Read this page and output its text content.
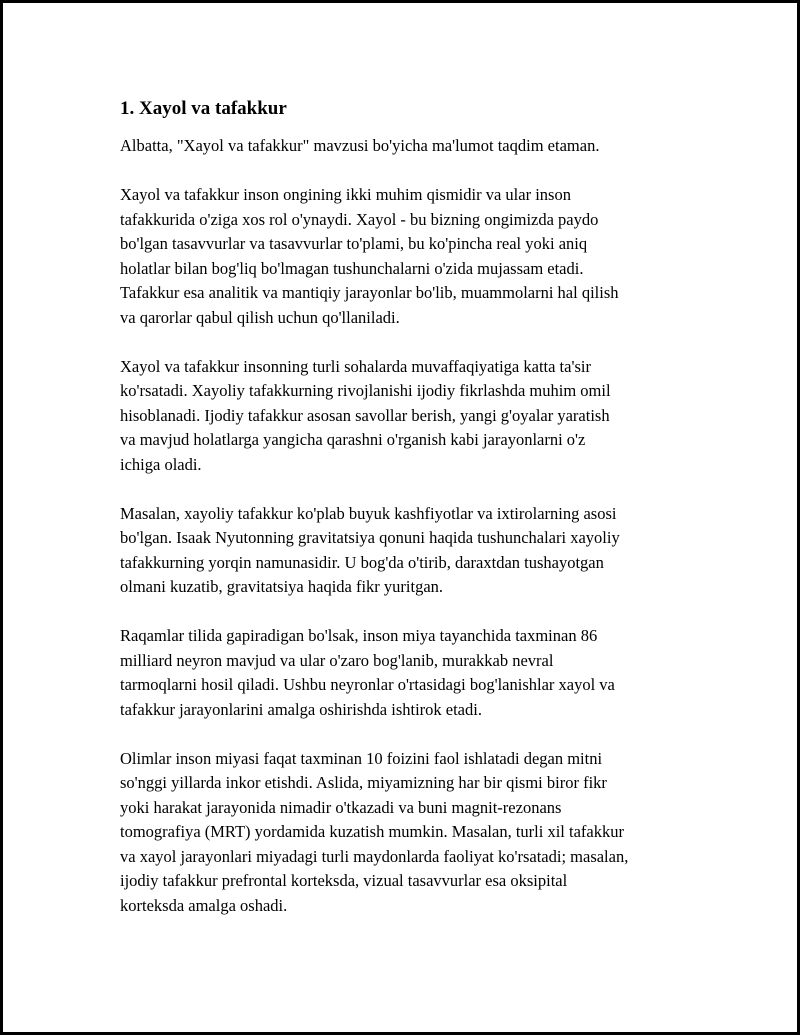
1. Xayol va tafakkur

Albatta, "Xayol va tafakkur" mavzusi bo'yicha ma'lumot taqdim etaman.

Xayol va tafakkur inson ongining ikki muhim qismidir va ular inson
tafakkurida o'ziga xos rol o'ynaydi. Xayol - bu bizning ongimizda paydo
bo'lgan tasavvurlar va tasavvurlar to'plami, bu ko'pincha real yoki aniq
holatlar bilan bog'liq bo'lmagan tushunchalarni o'zida mujassam etadi.
Tafakkur esa analitik va mantiqiy jarayonlar bo'lib, muammolarni hal qilish
va qarorlar qabul qilish uchun qo'llaniladi.

Xayol va tafakkur insonning turli sohalarda muvaffaqiyatiga katta ta'sir
ko'rsatadi. Xayoliy tafakkurning rivojlanishi ijodiy fikrlashda muhim omil
hisoblanadi. Ijodiy tafakkur asosan savollar berish, yangi g'oyalar yaratish
va mavjud holatlarga yangicha qarashni o'rganish kabi jarayonlarni o'z
ichiga oladi.

Masalan, xayoliy tafakkur ko'plab buyuk kashfiyotlar va ixtirolarning asosi
bo'lgan. Isaak Nyutonning gravitatsiya qonuni haqida tushunchalari xayoliy
tafakkurning yorqin namunasidir. U bog'da o'tirib, daraxtdan tushayotgan
olmani kuzatib, gravitatsiya haqida fikr yuritgan.

Raqamlar tilida gapiradigan bo'lsak, inson miya tayanchida taxminan 86
milliard neyron mavjud va ular o'zaro bog'lanib, murakkab nevral
tarmoqlarni hosil qiladi. Ushbu neyronlar o'rtasidagi bog'lanishlar xayol va
tafakkur jarayonlarini amalga oshirishda ishtirok etadi.

Olimlar inson miyasi faqat taxminan 10 foizini faol ishlatadi degan mitni
so'nggi yillarda inkor etishdi. Aslida, miyamizning har bir qismi biror fikr
yoki harakat jarayonida nimadir o'tkazadi va buni magnit-rezonans
tomografiya (MRT) yordamida kuzatish mumkin. Masalan, turli xil tafakkur
va xayol jarayonlari miyadagi turli maydonlarda faoliyat ko'rsatadi; masalan,
ijodiy tafakkur prefrontal korteksda, vizual tasavvurlar esa oksipital
korteksda amalga oshadi.
